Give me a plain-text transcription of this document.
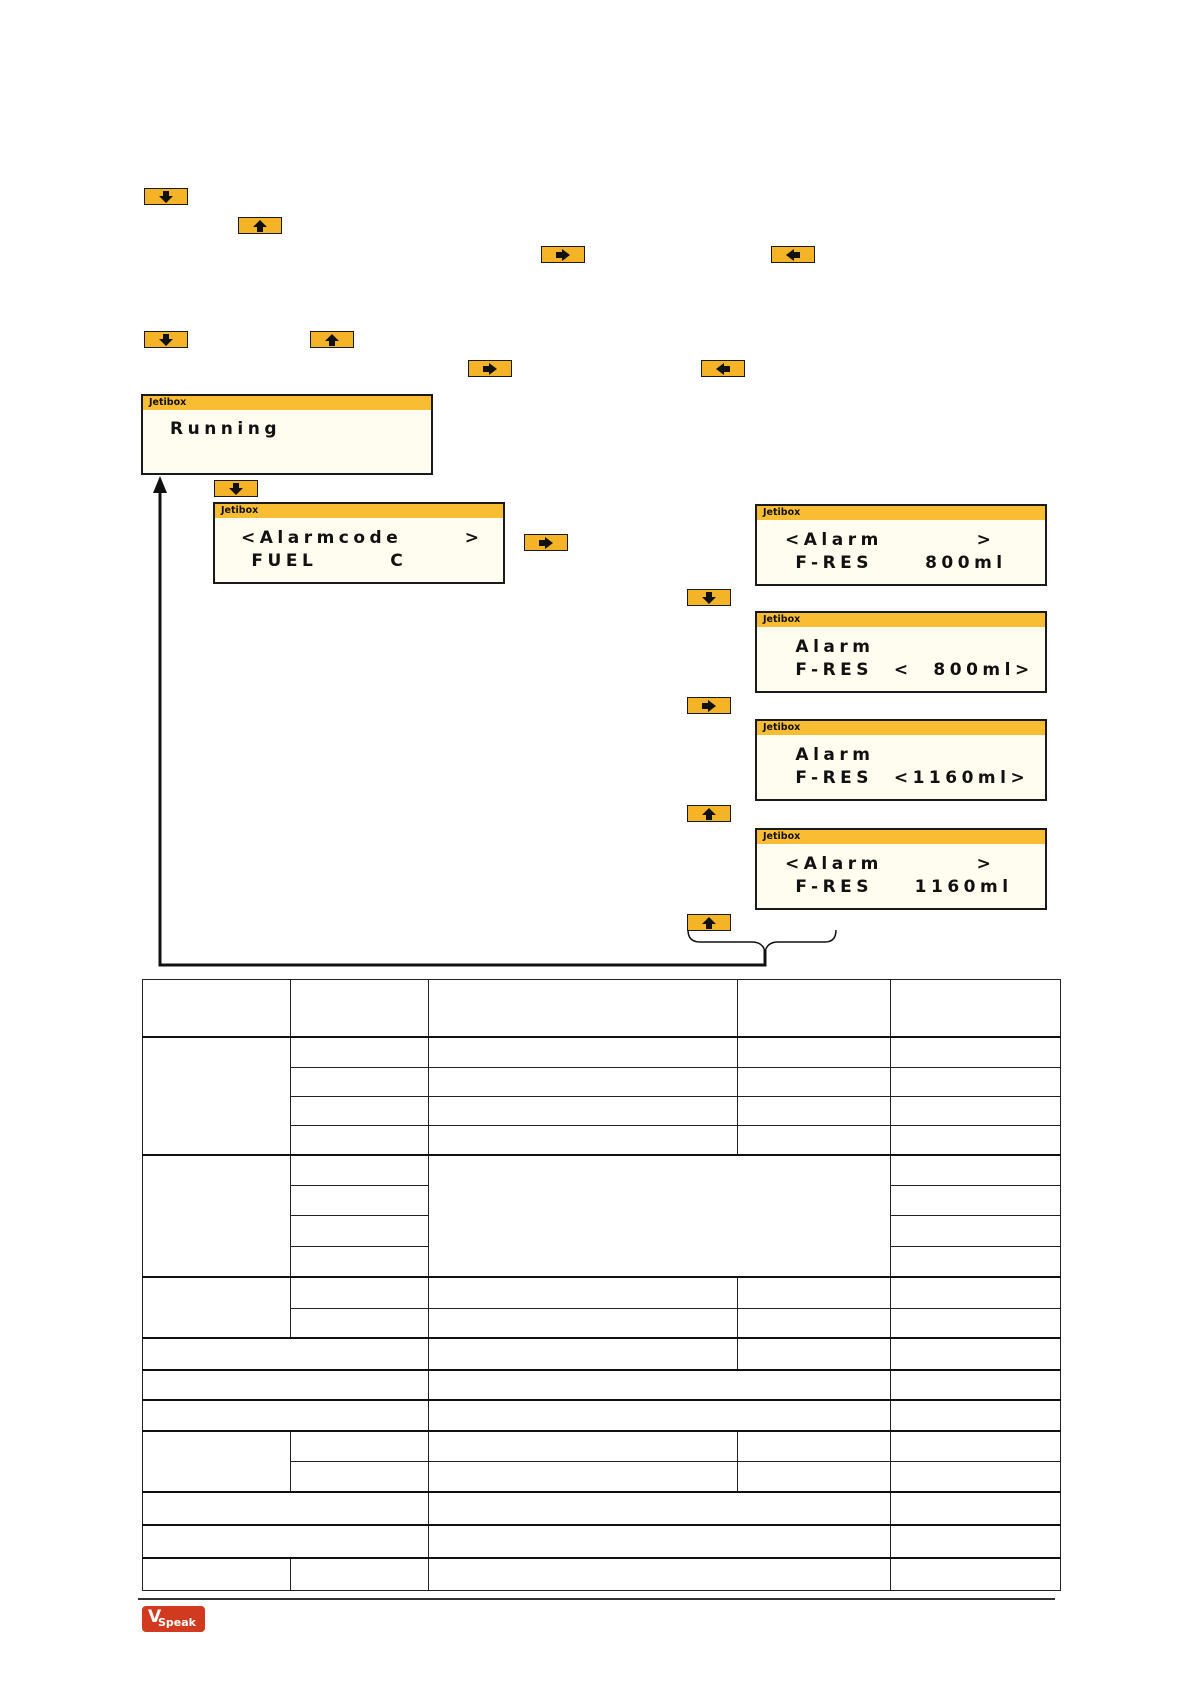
Jetibox
Running
Jetibox
<Alarmcode      >
FUEL       C
Jetibox
<Alarm         >
F-RES     800ml
Jetibox
Alarm
F-RES  <  800ml>
Jetibox
Alarm
F-RES  <1160ml>
Jetibox
<Alarm         >
F-RES    1160ml

V
Speak
